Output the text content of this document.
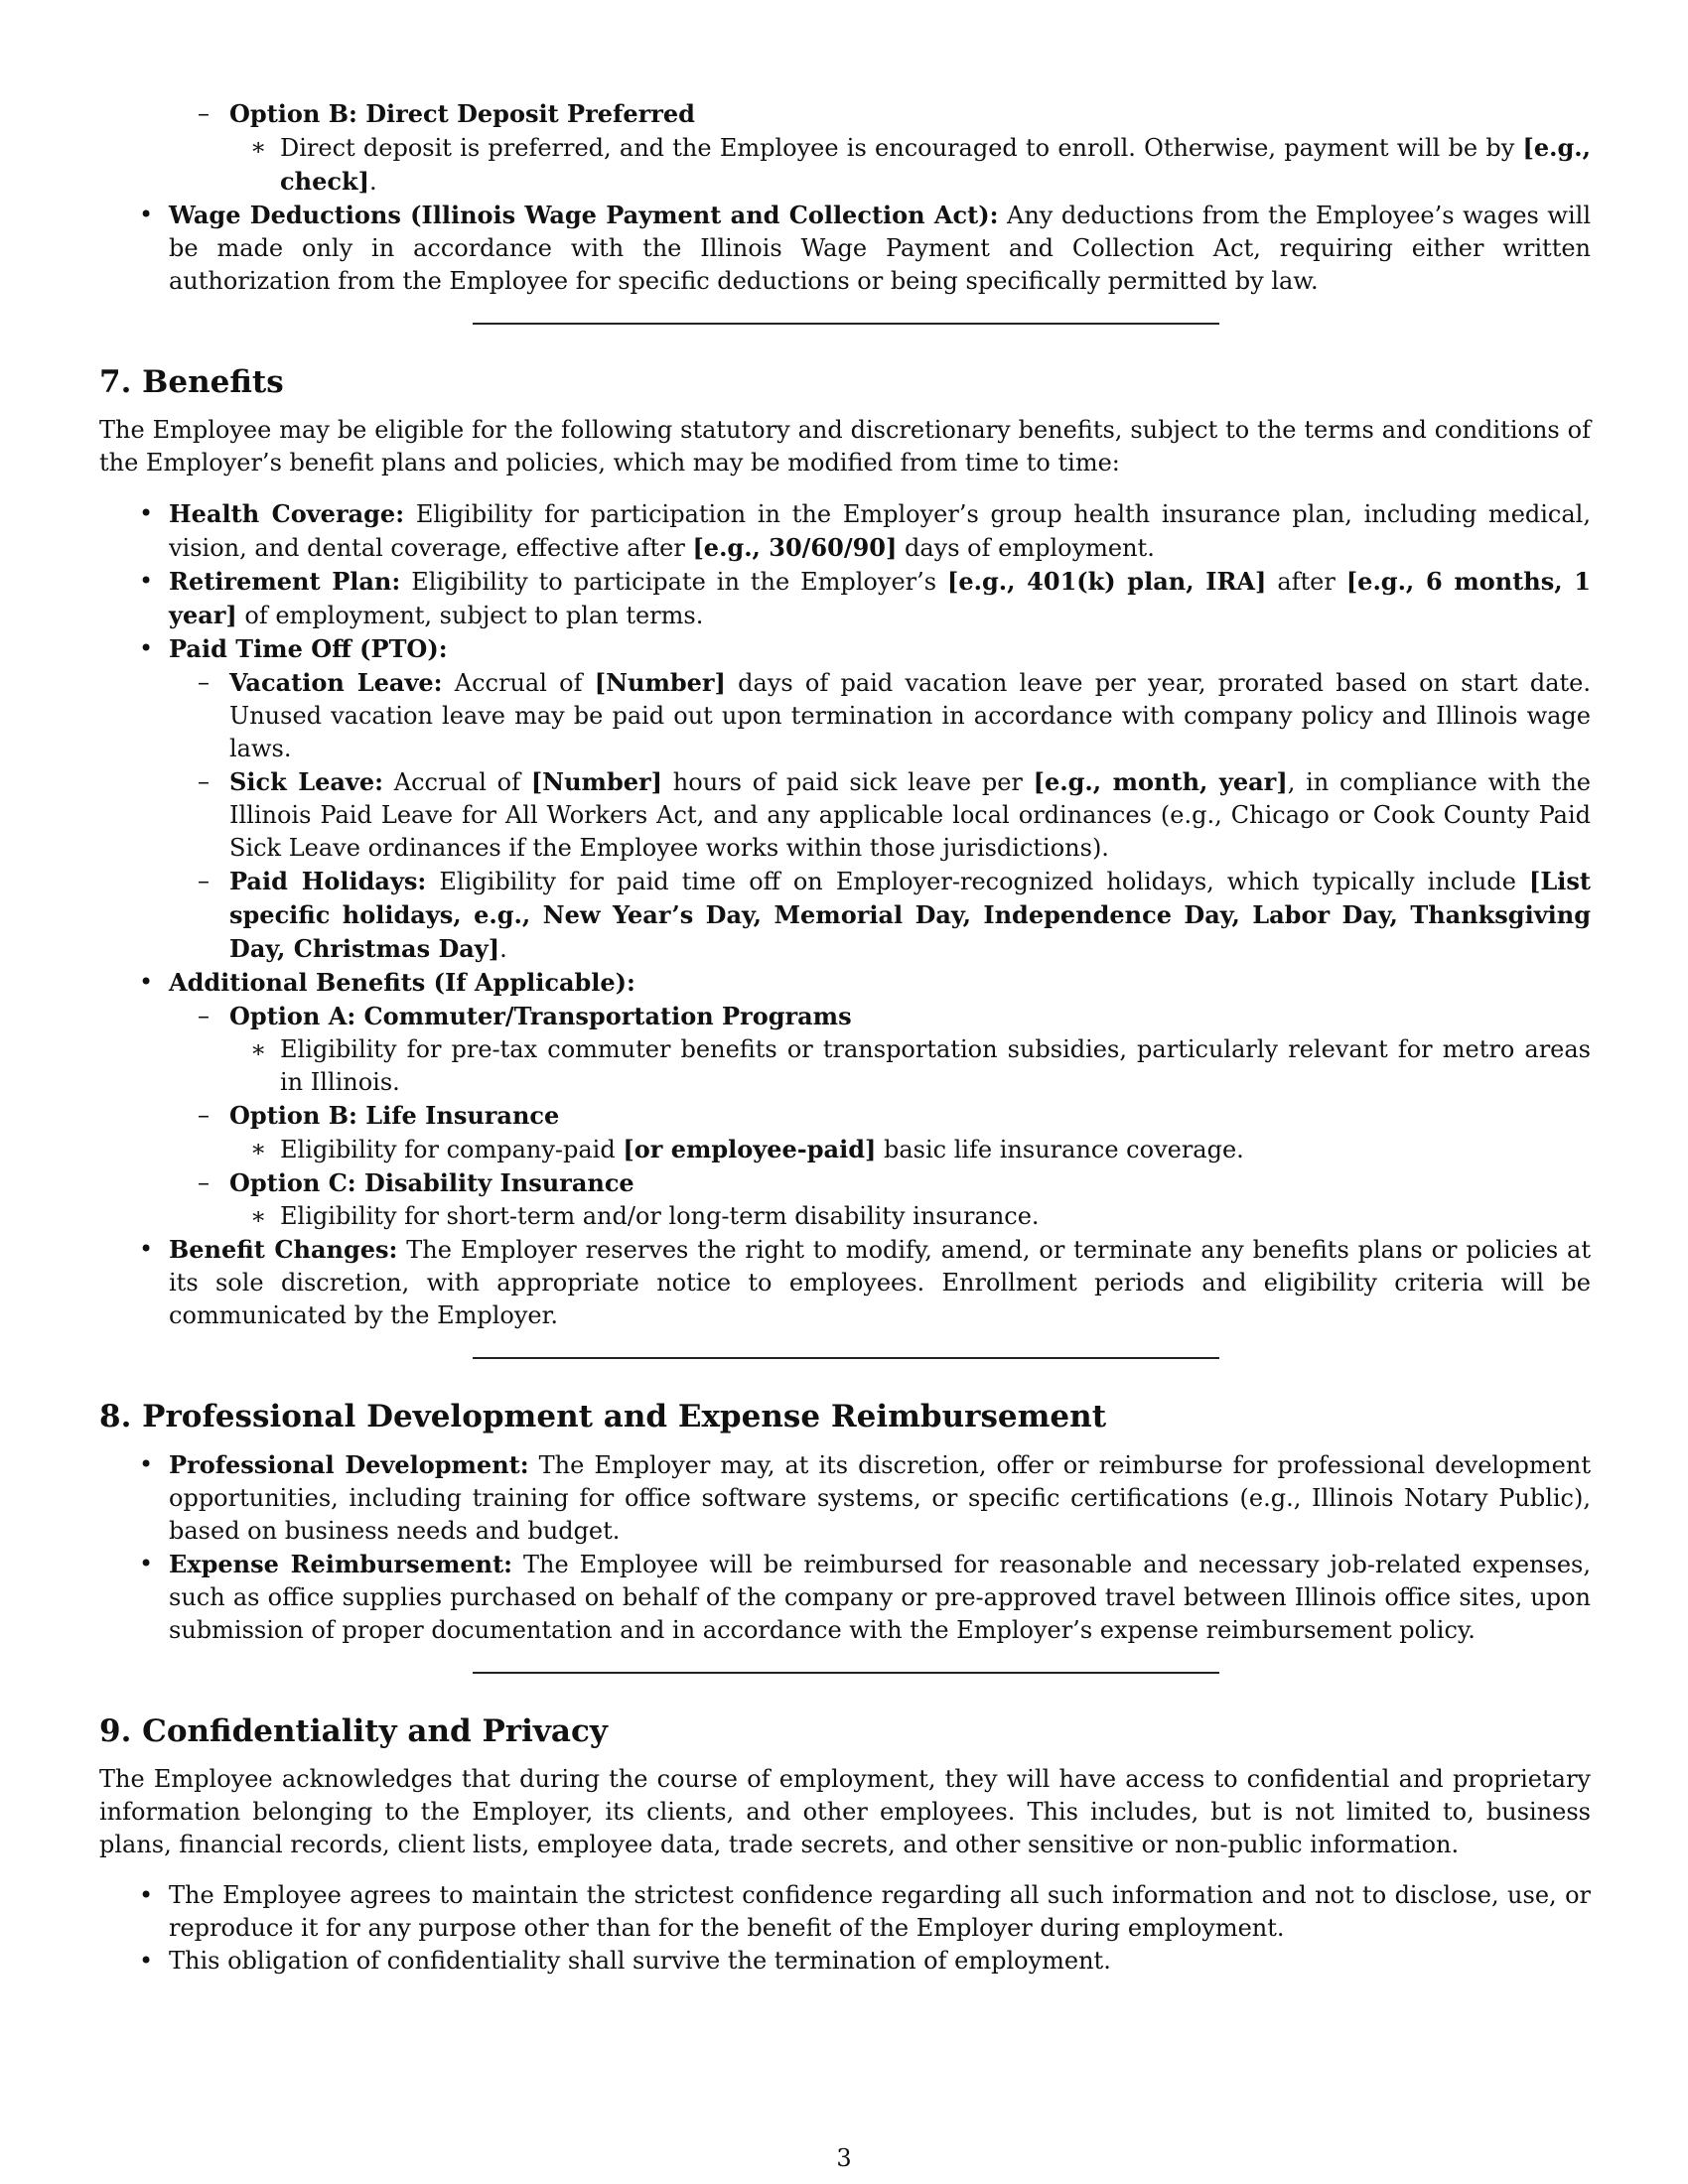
– Option B: Direct Deposit Preferred
∗ Direct deposit is preferred, and the Employee is encouraged to enroll. Otherwise, payment will be by [e.g., check].
• Wage Deductions (Illinois Wage Payment and Collection Act): Any deductions from the Employee’s wages will be made only in accordance with the Illinois Wage Payment and Collection Act, requiring either written authorization from the Employee for specific deductions or being specifically permitted by law.
7. Benefits

The Employee may be eligible for the following statutory and discretionary benefits, subject to the terms and conditions of the Employer’s benefit plans and policies, which may be modified from time to time:

• Health Coverage: Eligibility for participation in the Employer’s group health insurance plan, including medical, vision, and dental coverage, effective after [e.g., 30/60/90] days of employment.
• Retirement Plan: Eligibility to participate in the Employer’s [e.g., 401(k) plan, IRA] after [e.g., 6 months, 1 year] of employment, subject to plan terms.
• Paid Time Off (PTO):
– Vacation Leave: Accrual of [Number] days of paid vacation leave per year, prorated based on start date. Unused vacation leave may be paid out upon termination in accordance with company policy and Illinois wage laws.
– Sick Leave: Accrual of [Number] hours of paid sick leave per [e.g., month, year], in compliance with the Illinois Paid Leave for All Workers Act, and any applicable local ordinances (e.g., Chicago or Cook County Paid Sick Leave ordinances if the Employee works within those jurisdictions).
– Paid Holidays: Eligibility for paid time off on Employer-recognized holidays, which typically include [List specific holidays, e.g., New Year’s Day, Memorial Day, Independence Day, Labor Day, Thanksgiving Day, Christmas Day].
• Additional Benefits (If Applicable):
– Option A: Commuter/Transportation Programs
∗ Eligibility for pre-tax commuter benefits or transportation subsidies, particularly relevant for metro areas in Illinois.
– Option B: Life Insurance
∗ Eligibility for company-paid [or employee-paid] basic life insurance coverage.
– Option C: Disability Insurance
∗ Eligibility for short-term and/or long-term disability insurance.
• Benefit Changes: The Employer reserves the right to modify, amend, or terminate any benefits plans or policies at its sole discretion, with appropriate notice to employees. Enrollment periods and eligibility criteria will be communicated by the Employer.
8. Professional Development and Expense Reimbursement
• Professional Development: The Employer may, at its discretion, offer or reimburse for professional development opportunities, including training for office software systems, or specific certifications (e.g., Illinois Notary Public), based on business needs and budget.
• Expense Reimbursement: The Employee will be reimbursed for reasonable and necessary job-related expenses, such as office supplies purchased on behalf of the company or pre-approved travel between Illinois office sites, upon submission of proper documentation and in accordance with the Employer’s expense reimbursement policy.
9. Confidentiality and Privacy

The Employee acknowledges that during the course of employment, they will have access to confidential and proprietary information belonging to the Employer, its clients, and other employees. This includes, but is not limited to, business plans, financial records, client lists, employee data, trade secrets, and other sensitive or non-public information.

• The Employee agrees to maintain the strictest confidence regarding all such information and not to disclose, use, or reproduce it for any purpose other than for the benefit of the Employer during employment.
• This obligation of confidentiality shall survive the termination of employment.
3
